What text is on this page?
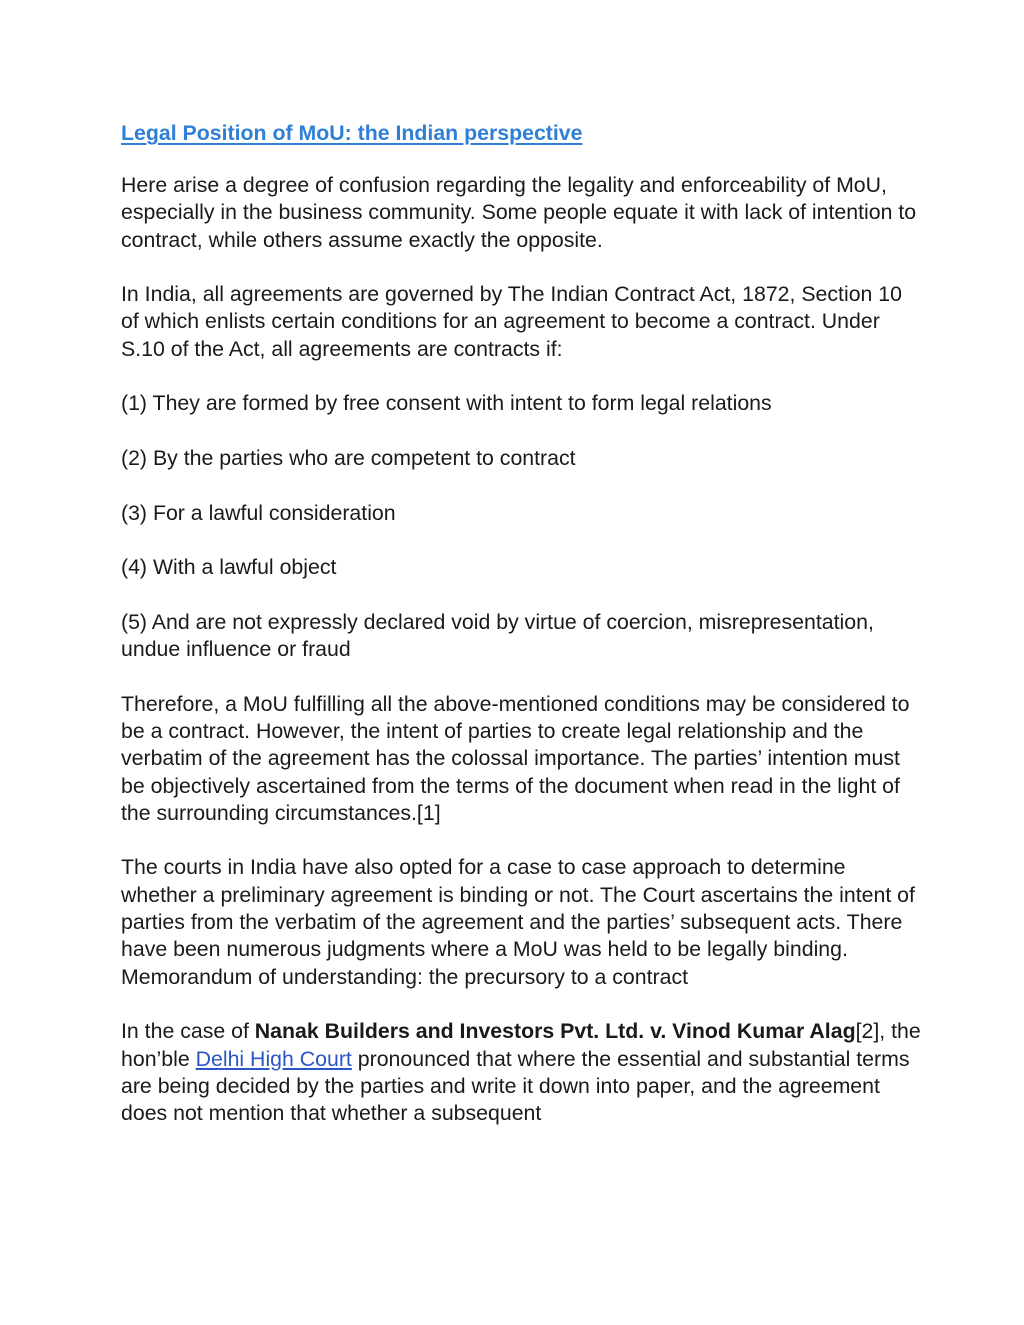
Legal Position of MoU: the Indian perspective

Here arise a degree of confusion regarding the legality and enforceability of MoU, especially in the business community. Some people equate it with lack of intention to contract, while others assume exactly the opposite.

In India, all agreements are governed by The Indian Contract Act, 1872, Section 10 of which enlists certain conditions for an agreement to become a contract. Under S.10 of the Act, all agreements are contracts if:

(1) They are formed by free consent with intent to form legal relations

(2) By the parties who are competent to contract

(3) For a lawful consideration

(4) With a lawful object

(5) And are not expressly declared void by virtue of coercion, misrepresentation, undue influence or fraud

Therefore, a MoU fulfilling all the above-mentioned conditions may be considered to be a contract. However, the intent of parties to create legal relationship and the verbatim of the agreement has the colossal importance. The parties’ intention must be objectively ascertained from the terms of the document when read in the light of the surrounding circumstances.[1]

The courts in India have also opted for a case to case approach to determine whether a preliminary agreement is binding or not. The Court ascertains the intent of parties from the verbatim of the agreement and the parties’ subsequent acts. There have been numerous judgments where a MoU was held to be legally binding. Memorandum of understanding: the precursory to a contract

In the case of Nanak Builders and Investors Pvt. Ltd. v. Vinod Kumar Alag[2], the hon’ble Delhi High Court pronounced that where the essential and substantial terms are being decided by the parties and write it down into paper, and the agreement does not mention that whether a subsequent
